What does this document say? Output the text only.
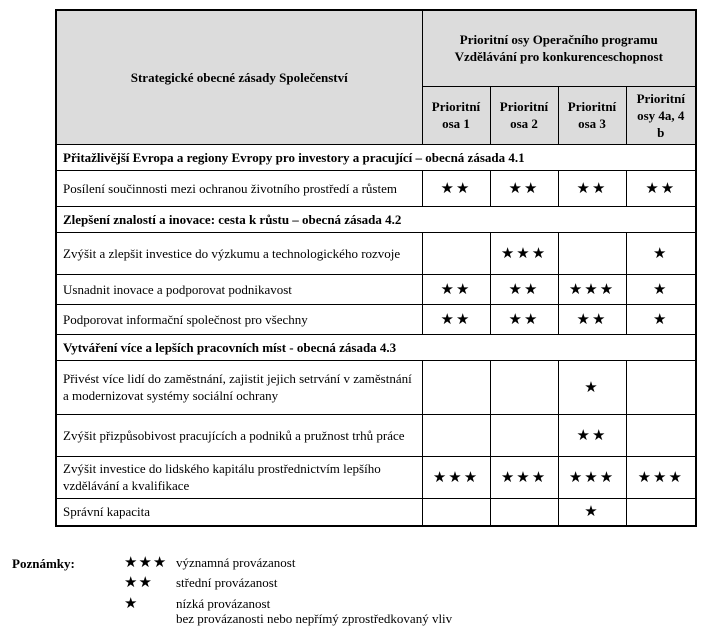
Strategické obecné zásady Společenství	Prioritní osy Operačního programu Vzdělávání pro konkurenceschopnost			
	Prioritní osa 1	Prioritní osa 2	Prioritní osa 3	Prioritní osy 4a, 4 b
Přitažlivější Evropa a regiony Evropy pro investory a pracující – obecná zásada 4.1				
Posílení součinnosti mezi ochranou životního prostředí a růstem	★★	★★	★★	★★
Zlepšení znalostí a inovace: cesta k růstu – obecná zásada 4.2				
Zvýšit a zlepšit investice do výzkumu a technologického rozvoje		★★★		★
Usnadnit inovace a podporovat podnikavost	★★	★★	★★★	★
Podporovat informační společnost pro všechny	★★	★★	★★	★
Vytváření více a lepších pracovních míst - obecná zásada 4.3				
Přivést více lidí do zaměstnání, zajistit jejich setrvání v zaměstnání a modernizovat systémy sociální ochrany			★	
Zvýšit přizpůsobivost pracujících a podniků a pružnost trhů práce			★★	
Zvýšit investice do lidského kapitálu prostřednictvím lepšího vzdělávání a kvalifikace	★★★	★★★	★★★	★★★
Správní kapacita			★	
Poznámky:	★★★ významná provázanost
★★ střední provázanost
★	nízká provázanost
bez provázanosti nebo nepřímý zprostředkovaný vliv
